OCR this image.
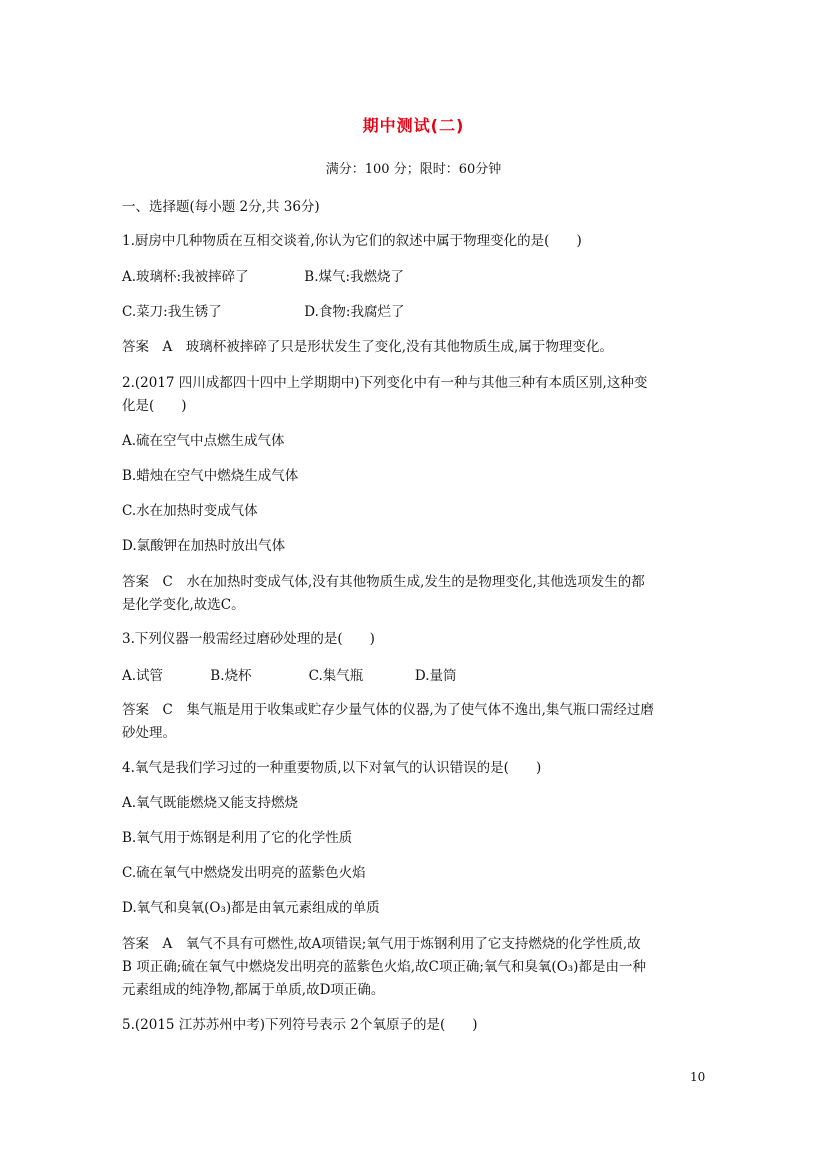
期中测试(二)
满分：100 分；限时：60分钟
一、选择题(每小题 2分,共 36分)
1.厨房中几种物质在互相交谈着,你认为它们的叙述中属于物理变化的是(　　)
A.玻璃杯:我被摔碎了	B.煤气:我燃烧了
C.菜刀:我生锈了	D.食物:我腐烂了
答案　A　玻璃杯被摔碎了只是形状发生了变化,没有其他物质生成,属于物理变化。
2.(2017 四川成都四十四中上学期期中)下列变化中有一种与其他三种有本质区别,这种变
化是(　　)
A.硫在空气中点燃生成气体
B.蜡烛在空气中燃烧生成气体
C.水在加热时变成气体
D.氯酸钾在加热时放出气体
答案　C　水在加热时变成气体,没有其他物质生成,发生的是物理变化,其他选项发生的都
是化学变化,故选C。
3.下列仪器一般需经过磨砂处理的是(　　)
A.试管	B.烧杯	C.集气瓶	D.量筒
答案　C　集气瓶是用于收集或贮存少量气体的仪器,为了使气体不逸出,集气瓶口需经过磨
砂处理。
4.氧气是我们学习过的一种重要物质,以下对氧气的认识错误的是(　　)
A.氧气既能燃烧又能支持燃烧
B.氧气用于炼钢是利用了它的化学性质
C.硫在氧气中燃烧发出明亮的蓝紫色火焰
D.氧气和臭氧(O₃)都是由氧元素组成的单质
答案　A　氧气不具有可燃性,故A项错误;氧气用于炼钢利用了它支持燃烧的化学性质,故
B 项正确;硫在氧气中燃烧发出明亮的蓝紫色火焰,故C项正确;氧气和臭氧(O₃)都是由一种
元素组成的纯净物,都属于单质,故D项正确。
5.(2015 江苏苏州中考)下列符号表示 2个氧原子的是(　　)
10
